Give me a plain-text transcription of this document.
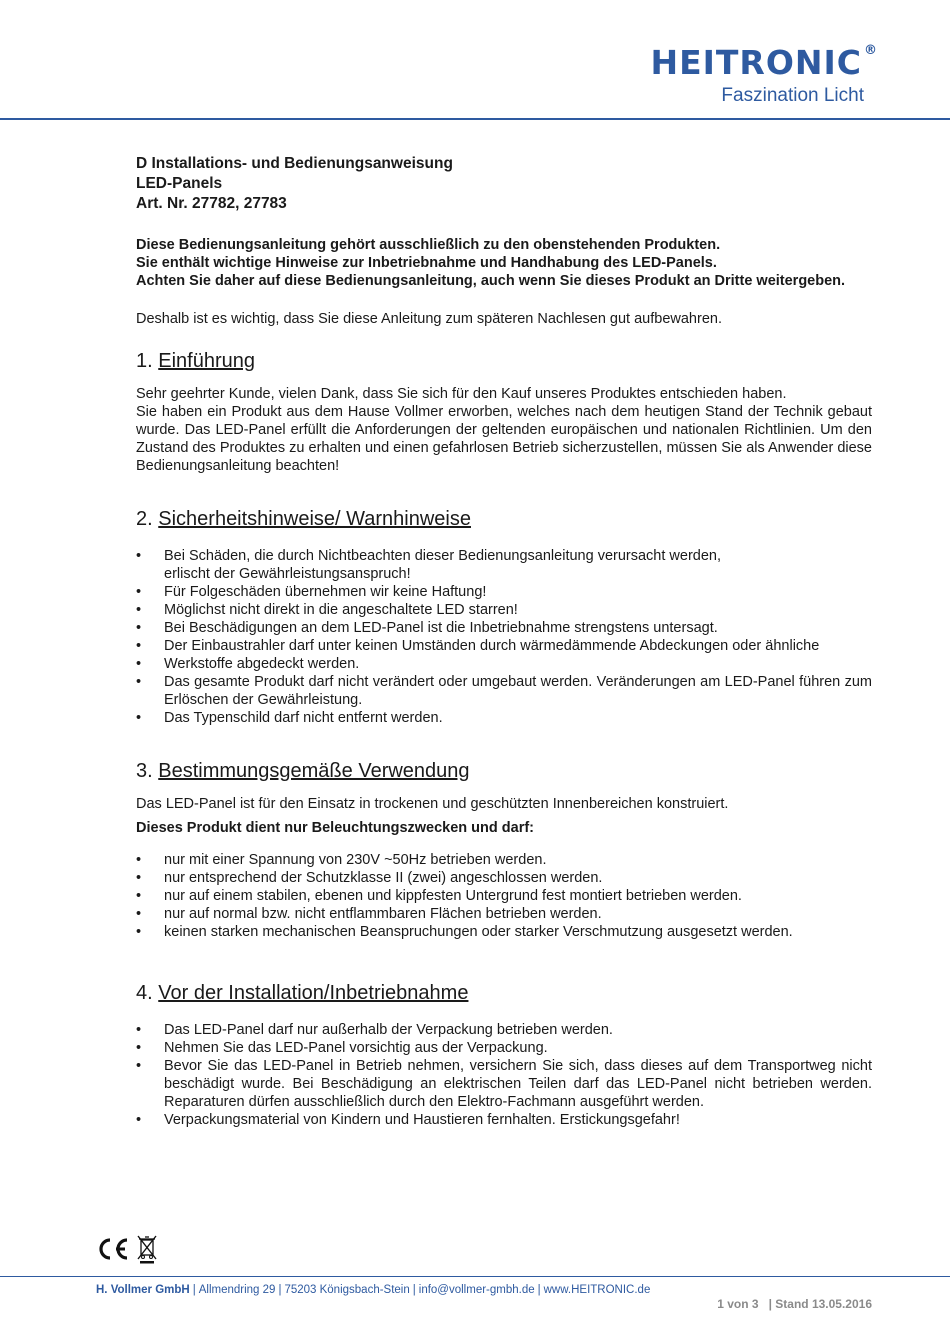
HEITRONIC ®
Faszination Licht

D Installations- und Bedienungsanweisung

LED-Panels

Art. Nr. 27782, 27783

Diese Bedienungsanleitung gehört ausschließlich zu den obenstehenden Produkten.

Sie enthält wichtige Hinweise zur Inbetriebnahme und Handhabung des LED-Panels.

Achten Sie daher auf diese Bedienungsanleitung, auch wenn Sie dieses Produkt an Dritte weitergeben.

Deshalb ist es wichtig, dass Sie diese Anleitung zum späteren Nachlesen gut aufbewahren.

1. Einführung

Sehr geehrter Kunde, vielen Dank, dass Sie sich für den Kauf unseres Produktes entschieden haben.

Sie haben ein Produkt aus dem Hause Vollmer erworben, welches nach dem heutigen Stand der Technik gebaut wurde. Das LED-Panel erfüllt die Anforderungen der geltenden europäischen und nationalen Richtlinien. Um den Zustand des Produktes zu erhalten und einen gefahrlosen Betrieb sicherzustellen, müssen Sie als Anwender diese Bedienungsanleitung beachten!

2. Sicherheitshinweise/ Warnhinweise
• Bei Schäden, die durch Nichtbeachten dieser Bedienungsanleitung verursacht werden,
erlischt der Gewährleistungsanspruch!
• Für Folgeschäden übernehmen wir keine Haftung!
• Möglichst nicht direkt in die angeschaltete LED starren!
• Bei Beschädigungen an dem LED-Panel ist die Inbetriebnahme strengstens untersagt.
• Der Einbaustrahler darf unter keinen Umständen durch wärmedämmende Abdeckungen oder ähnliche
• Werkstoffe abgedeckt werden.
• Das gesamte Produkt darf nicht verändert oder umgebaut werden. Veränderungen am LED-Panel führen zum Erlöschen der Gewährleistung.
• Das Typenschild darf nicht entfernt werden.
3. Bestimmungsgemäße Verwendung

Das LED-Panel ist für den Einsatz in trockenen und geschützten Innenbereichen konstruiert.

Dieses Produkt dient nur Beleuchtungszwecken und darf:

• nur mit einer Spannung von 230V ~50Hz betrieben werden.
• nur entsprechend der Schutzklasse II (zwei) angeschlossen werden.
• nur auf einem stabilen, ebenen und kippfesten Untergrund fest montiert betrieben werden.
• nur auf normal bzw. nicht entflammbaren Flächen betrieben werden.
• keinen starken mechanischen Beanspruchungen oder starker Verschmutzung ausgesetzt werden.
4. Vor der Installation/Inbetriebnahme
• Das LED-Panel darf nur außerhalb der Verpackung betrieben werden.
• Nehmen Sie das LED-Panel vorsichtig aus der Verpackung.
• Bevor Sie das LED-Panel in Betrieb nehmen, versichern Sie sich, dass dieses auf dem Transportweg nicht beschädigt wurde. Bei Beschädigung an elektrischen Teilen darf das LED-Panel nicht betrieben werden. Reparaturen dürfen ausschließlich durch den Elektro-Fachmann ausgeführt werden.
• Verpackungsmaterial von Kindern und Haustieren fernhalten. Erstickungsgefahr!
H. Vollmer GmbH | Allmendring 29 | 75203 Königsbach-Stein | info@vollmer-gmbh.de | www.HEITRONIC.de
1 von 3 | Stand 13.05.2016
